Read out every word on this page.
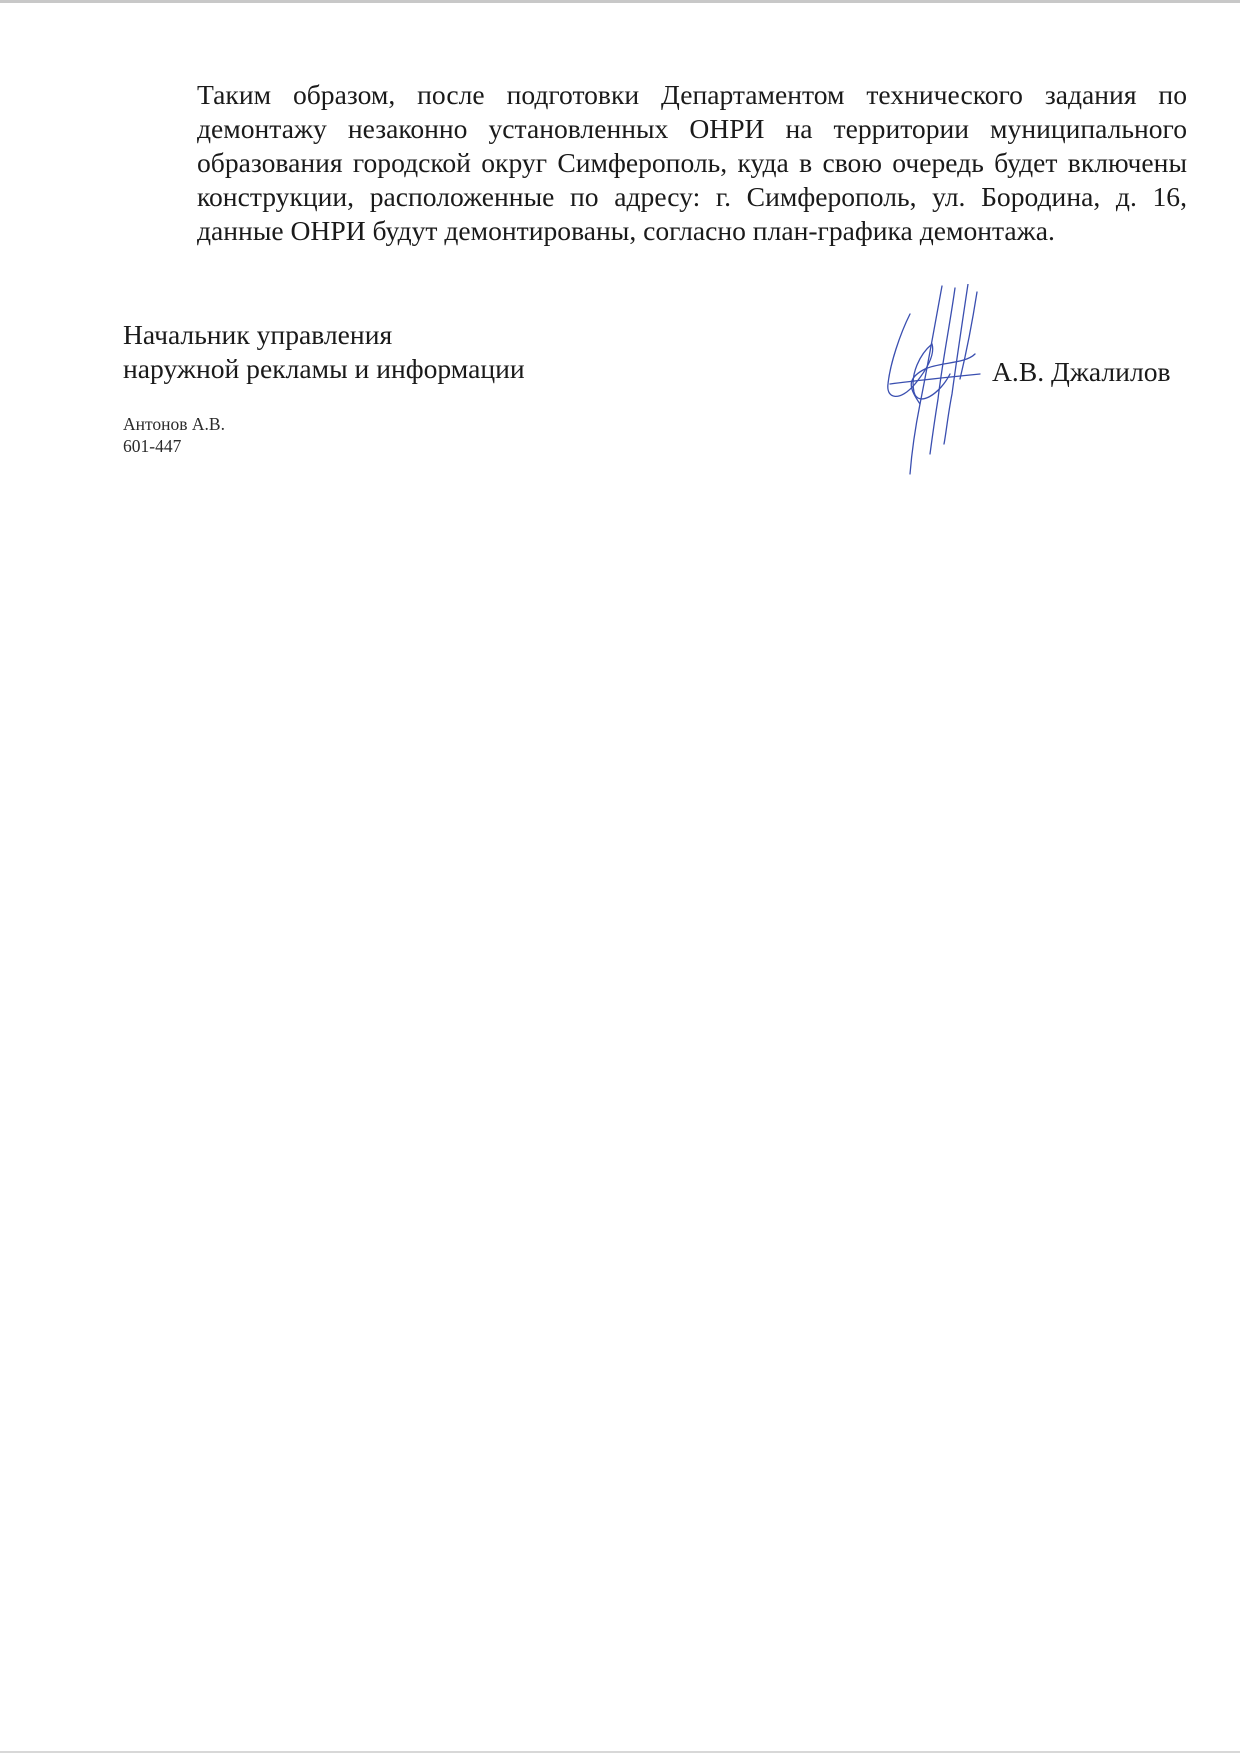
Таким образом, после подготовки Департаментом технического задания по
демонтажу незаконно установленных ОНРИ на территории муниципального
образования городской округ Симферополь, куда в свою очередь будет включены
конструкции, расположенные по адресу: г. Симферополь, ул. Бородина, д. 16,
данные ОНРИ будут демонтированы, согласно план-графика демонтажа.

Начальник управления
наружной рекламы и информации	А.В. Джалилов
Антонов А.В.
601-447
